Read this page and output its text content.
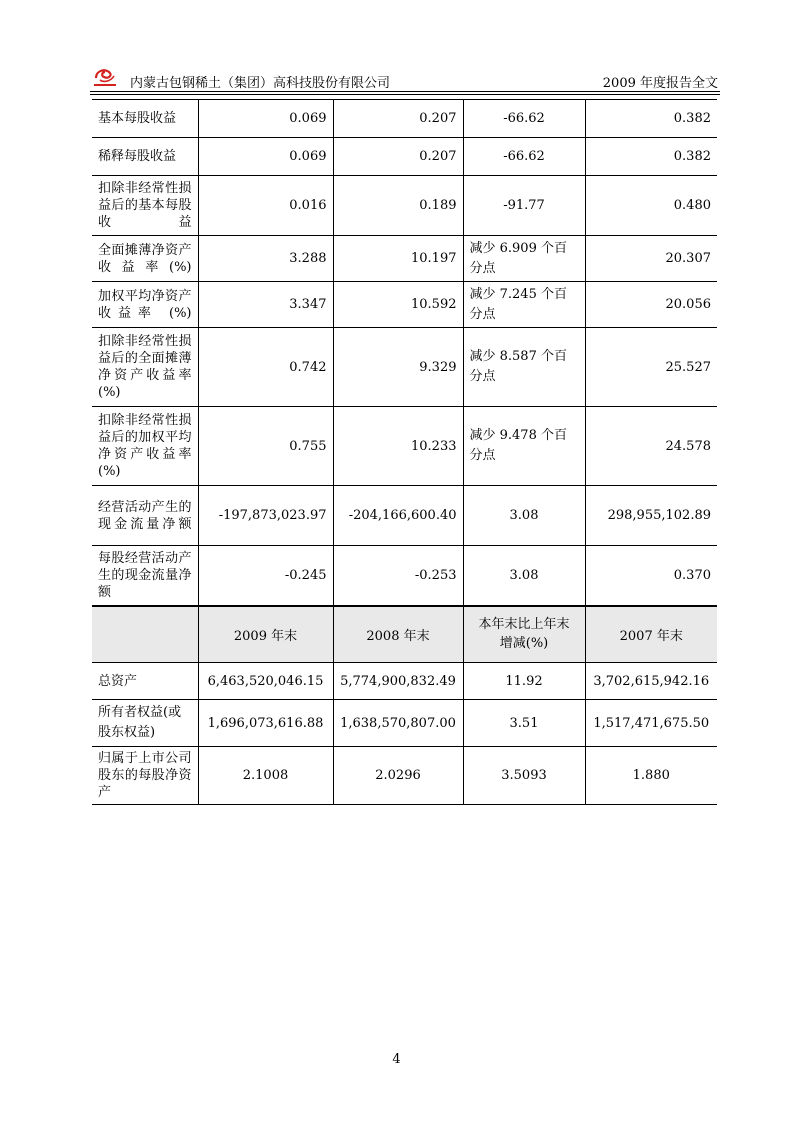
内蒙古包钢稀土（集团）高科技股份有限公司	2009 年度报告全文
基本每股收益	0.069	0.207	-66.62	0.382
稀释每股收益	0.069	0.207	-66.62	0.382
扣除非经常性损益后的基本每股收益	0.016	0.189	-91.77	0.480
全面摊薄净资产收益率(%)	3.288	10.197	减少 6.909 个百分点	20.307
加权平均净资产收益率 (%)	3.347	10.592	减少 7.245 个百分点	20.056
扣除非经常性损益后的全面摊薄净资产收益率(%)	0.742	9.329	减少 8.587 个百分点	25.527
扣除非经常性损益后的加权平均净资产收益率(%)	0.755	10.233	减少 9.478 个百分点	24.578
经营活动产生的现金流量净额	-197,873,023.97	-204,166,600.40	3.08	298,955,102.89
每股经营活动产生的现金流量净额	-0.245	-0.253	3.08	0.370
	2009 年末	2008 年末	本年末比上年末增减(%)	2007 年末
总资产	6,463,520,046.15	5,774,900,832.49	11.92	3,702,615,942.16
所有者权益(或股东权益)	1,696,073,616.88	1,638,570,807.00	3.51	1,517,471,675.50
归属于上市公司股东的每股净资产	2.1008	2.0296	3.5093	1.880
4
